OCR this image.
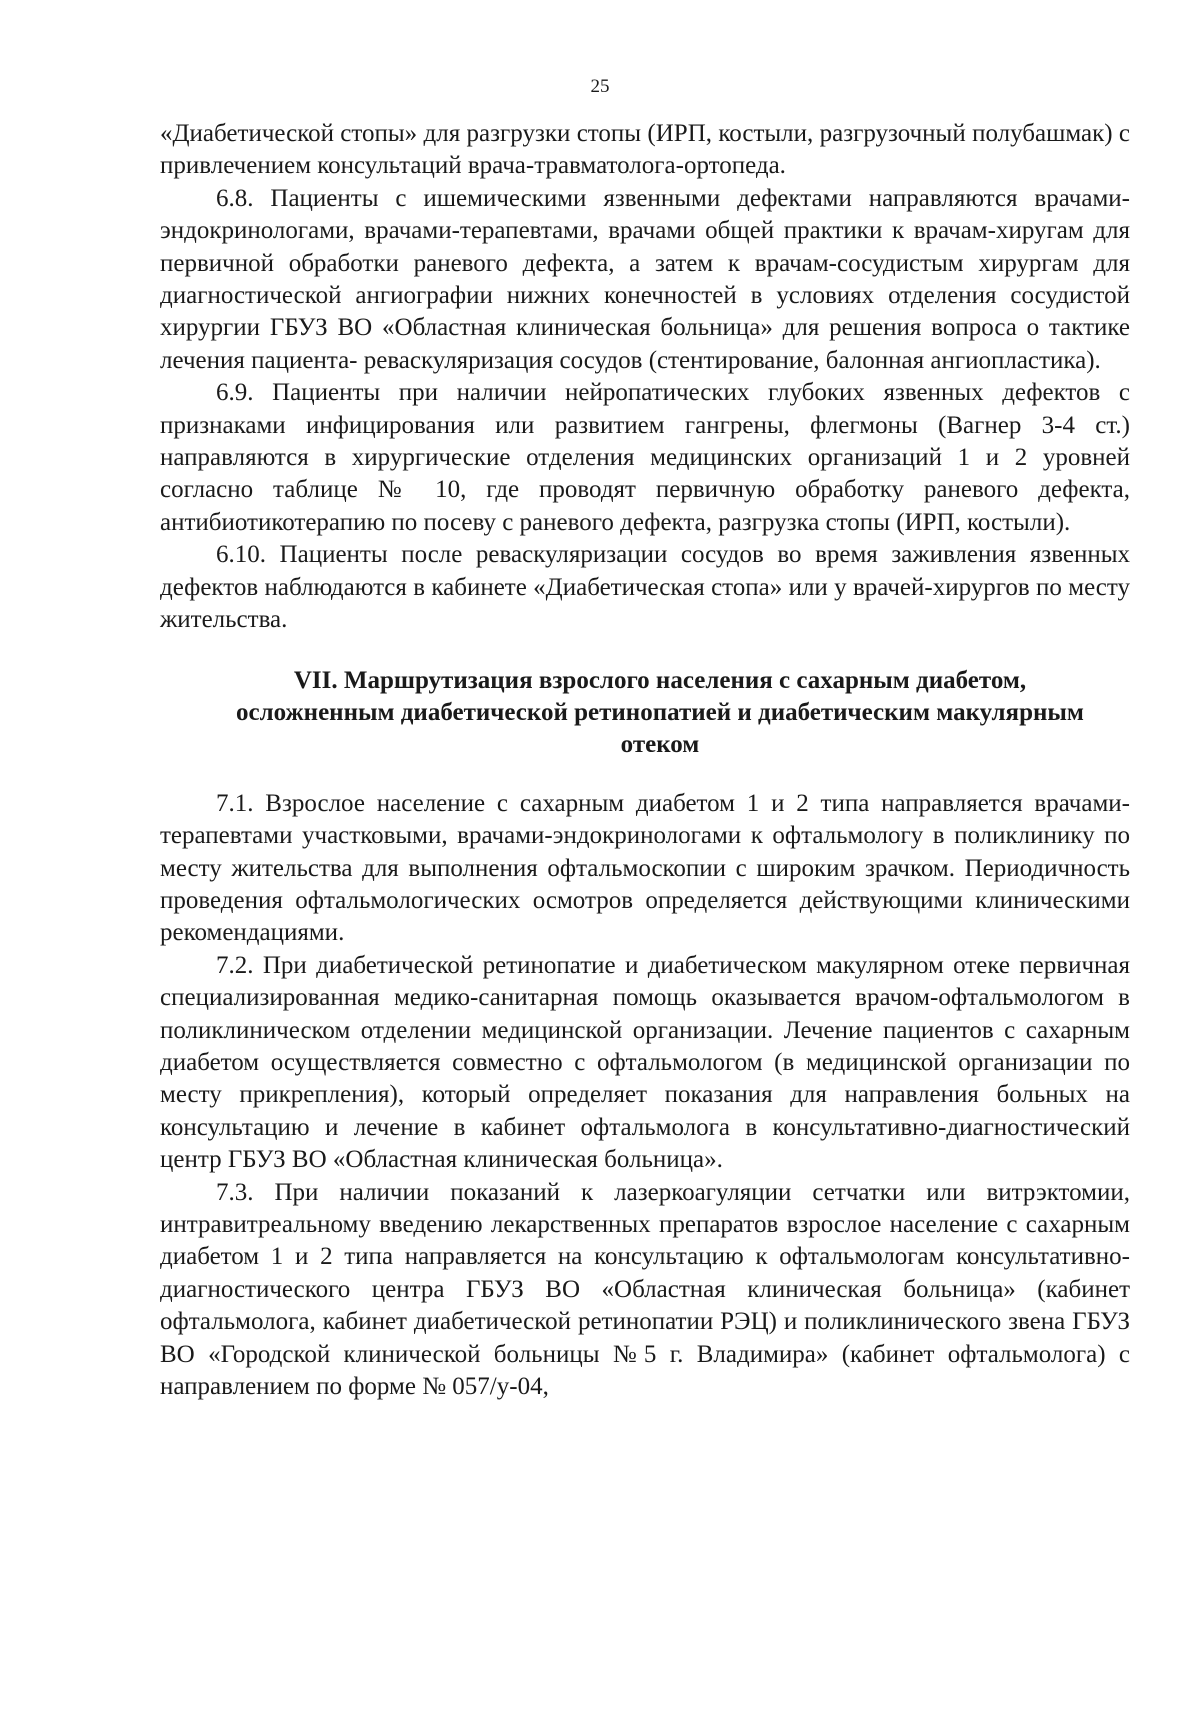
25

«Диабетической стопы» для разгрузки стопы (ИРП, костыли, разгрузочный полубашмак) с привлечением консультаций врача-травматолога-ортопеда.

6.8. Пациенты с ишемическими язвенными дефектами направляются врачами-эндокринологами, врачами-терапевтами, врачами общей практики к врачам-хиругам для первичной обработки раневого дефекта, а затем к врачам-сосудистым хирургам для диагностической ангиографии нижних конечностей в условиях отделения сосудистой хирургии ГБУЗ ВО «Областная клиническая больница» для решения вопроса о тактике лечения пациента- реваскуляризация сосудов (стентирование, балонная ангиопластика).

6.9. Пациенты при наличии нейропатических глубоких язвенных дефектов с признаками инфицирования или развитием гангрены, флегмоны (Вагнер 3-4 ст.) направляются в хирургические отделения медицинских организаций 1 и 2 уровней согласно таблице № 10, где проводят первичную обработку раневого дефекта, антибиотикотерапию по посеву с раневого дефекта, разгрузка стопы (ИРП, костыли).

6.10. Пациенты после реваскуляризации сосудов во время заживления язвенных дефектов наблюдаются в кабинете «Диабетическая стопа» или у врачей-хирургов по месту жительства.

VII. Маршрутизация взрослого населения с сахарным диабетом, осложненным диабетической ретинопатией и диабетическим макулярным отеком

7.1. Взрослое население с сахарным диабетом 1 и 2 типа направляется врачами-терапевтами участковыми, врачами-эндокринологами к офтальмологу в поликлинику по месту жительства для выполнения офтальмоскопии с широким зрачком. Периодичность проведения офтальмологических осмотров определяется действующими клиническими рекомендациями.

7.2. При диабетической ретинопатие и диабетическом макулярном отеке первичная специализированная медико-санитарная помощь оказывается врачом-офтальмологом в поликлиническом отделении медицинской организации. Лечение пациентов с сахарным диабетом осуществляется совместно с офтальмологом (в медицинской организации по месту прикрепления), который определяет показания для направления больных на консультацию и лечение в кабинет офтальмолога в консультативно-диагностический центр ГБУЗ ВО «Областная клиническая больница».

7.3. При наличии показаний к лазеркоагуляции сетчатки или витрэктомии, интравитреальному введению лекарственных препаратов взрослое население с сахарным диабетом 1 и 2 типа направляется на консультацию к офтальмологам консультативно-диагностического центра ГБУЗ ВО «Областная клиническая больница» (кабинет офтальмолога, кабинет диабетической ретинопатии РЭЦ) и поликлинического звена ГБУЗ ВО «Городской клинической больницы №5 г. Владимира» (кабинет офтальмолога) с направлением по форме № 057/у-04,
